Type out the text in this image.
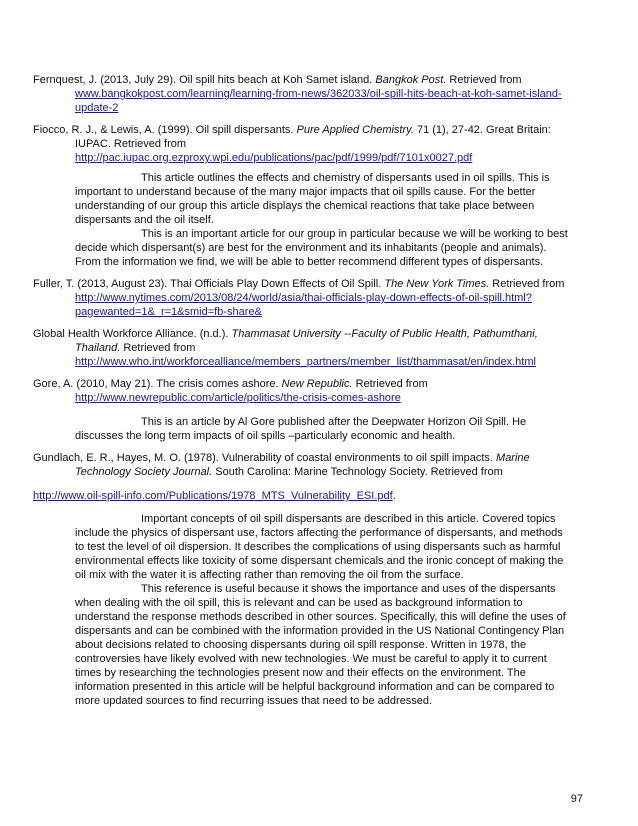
Fernquest, J. (2013, July 29). Oil spill hits beach at Koh Samet island. Bangkok Post. Retrieved from www.bangkokpost.com/learning/learning-from-news/362033/oil-spill-hits-beach-at-koh-samet-island-update-2

Fiocco, R. J., & Lewis, A. (1999). Oil spill dispersants. Pure Applied Chemistry. 71 (1), 27-42. Great Britain: IUPAC. Retrieved from http://pac.iupac.org.ezproxy.wpi.edu/publications/pac/pdf/1999/pdf/7101x0027.pdf

This article outlines the effects and chemistry of dispersants used in oil spills. This is important to understand because of the many major impacts that oil spills cause. For the better understanding of our group this article displays the chemical reactions that take place between dispersants and the oil itself.

This is an important article for our group in particular because we will be working to best decide which dispersant(s) are best for the environment and its inhabitants (people and animals). From the information we find, we will be able to better recommend different types of dispersants.

Fuller, T. (2013, August 23). Thai Officials Play Down Effects of Oil Spill. The New York Times. Retrieved from http://www.nytimes.com/2013/08/24/world/asia/thai-officials-play-down-effects-of-oil-spill.html?pagewanted=1&_r=1&smid=fb-share&

Global Health Workforce Alliance. (n.d.). Thammasat University --Faculty of Public Health, Pathumthani, Thailand. Retrieved from http://www.who.int/workforcealliance/members_partners/member_list/thammasat/en/index.html

Gore, A. (2010, May 21). The crisis comes ashore. New Republic. Retrieved from http://www.newrepublic.com/article/politics/the-crisis-comes-ashore

This is an article by Al Gore published after the Deepwater Horizon Oil Spill. He discusses the long term impacts of oil spills –particularly economic and health.

Gundlach, E. R., Hayes, M. O. (1978). Vulnerability of coastal environments to oil spill impacts. Marine Technology Society Journal. South Carolina: Marine Technology Society. Retrieved from

http://www.oil-spill-info.com/Publications/1978_MTS_Vulnerability_ESI.pdf.

Important concepts of oil spill dispersants are described in this article. Covered topics include the physics of dispersant use, factors affecting the performance of dispersants, and methods to test the level of oil dispersion. It describes the complications of using dispersants such as harmful environmental effects like toxicity of some dispersant chemicals and the ironic concept of making the oil mix with the water it is affecting rather than removing the oil from the surface.

This reference is useful because it shows the importance and uses of the dispersants when dealing with the oil spill, this is relevant and can be used as background information to understand the response methods described in other sources. Specifically, this will define the uses of dispersants and can be combined with the information provided in the US National Contingency Plan about decisions related to choosing dispersants during oil spill response. Written in 1978, the controversies have likely evolved with new technologies. We must be careful to apply it to current times by researching the technologies present now and their effects on the environment. The information presented in this article will be helpful background information and can be compared to more updated sources to find recurring issues that need to be addressed.

97
